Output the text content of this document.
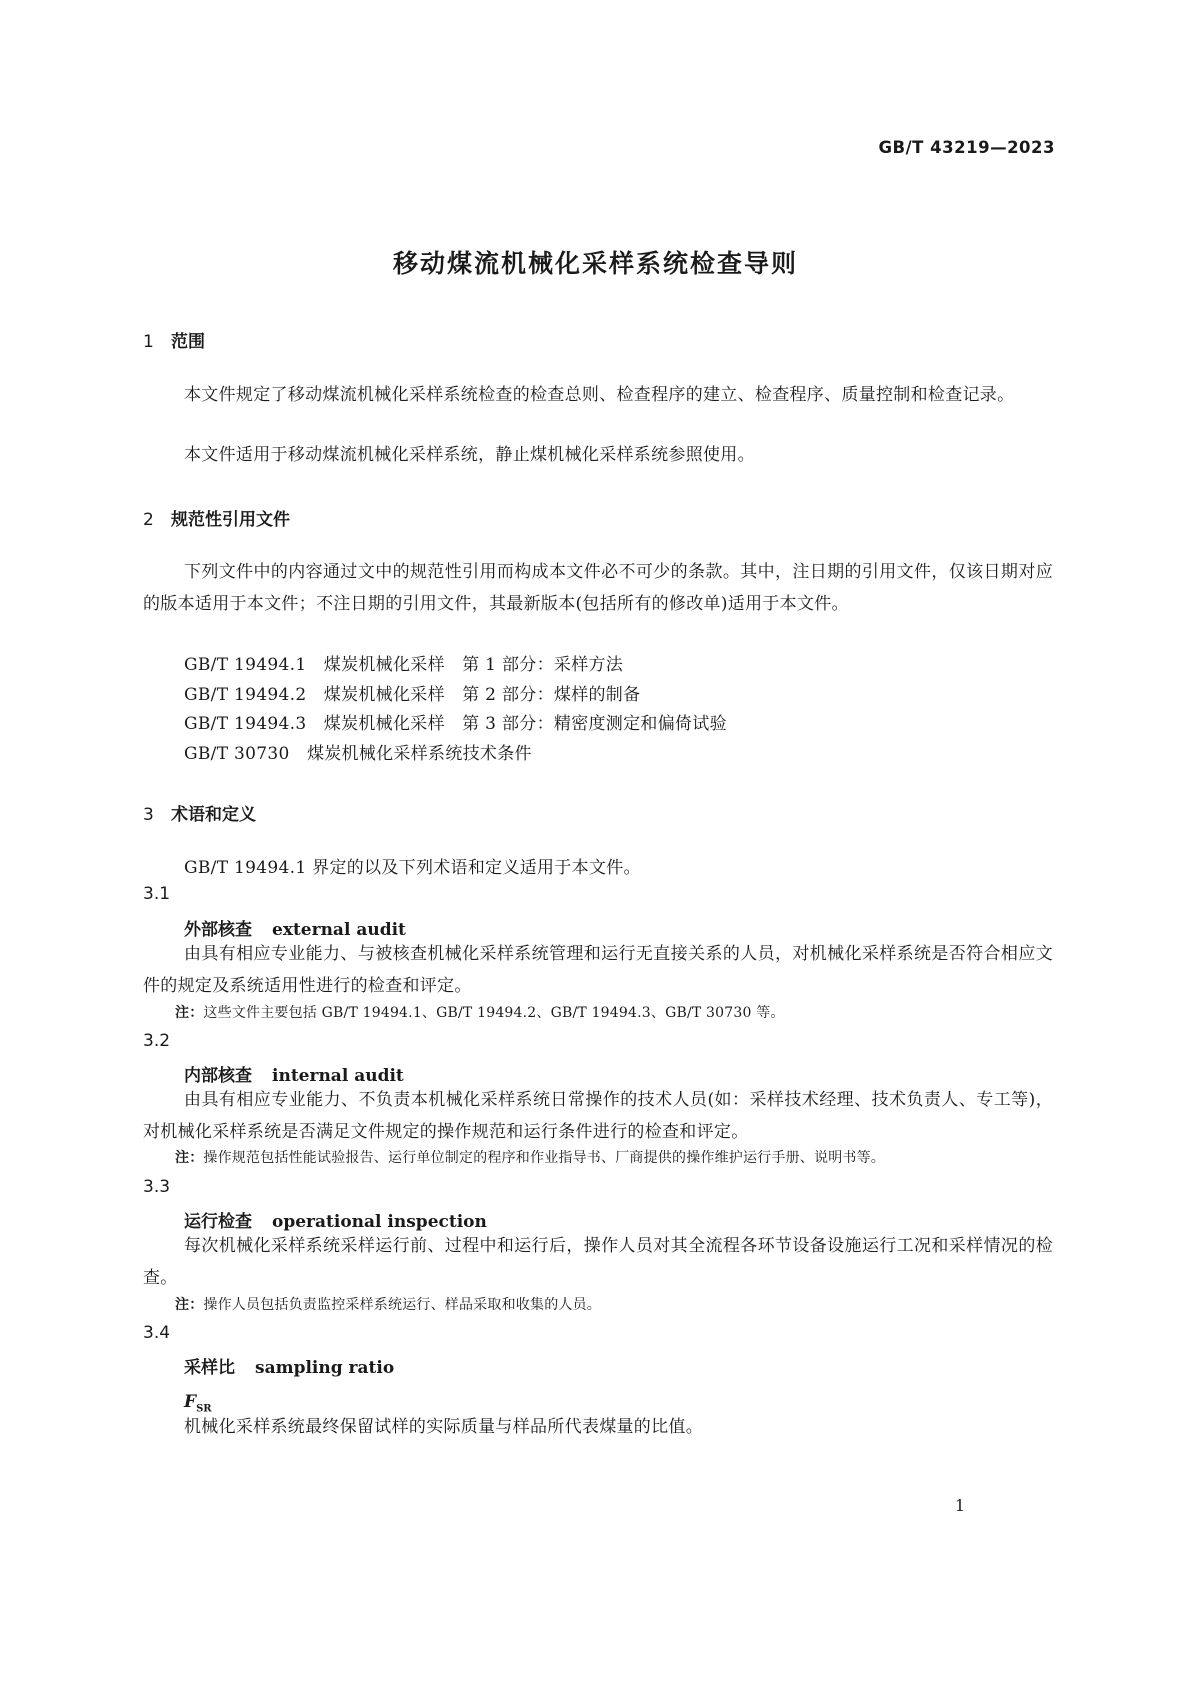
GB/T 43219—2023
移动煤流机械化采样系统检查导则
1 范围
本文件规定了移动煤流机械化采样系统检查的检查总则、检查程序的建立、检查程序、质量控制和检查记录。
本文件适用于移动煤流机械化采样系统，静止煤机械化采样系统参照使用。
2 规范性引用文件
下列文件中的内容通过文中的规范性引用而构成本文件必不可少的条款。其中，注日期的引用文件，仅该日期对应的版本适用于本文件；不注日期的引用文件，其最新版本(包括所有的修改单)适用于本文件。
GB/T 19494.1　 煤炭机械化采样　第 1 部分：采样方法
GB/T 19494.2　 煤炭机械化采样　第 2 部分：煤样的制备
GB/T 19494.3　 煤炭机械化采样　第 3 部分：精密度测定和偏倚试验
GB/T 30730　 煤炭机械化采样系统技术条件
3 术语和定义
GB/T 19494.1 界定的以及下列术语和定义适用于本文件。
3.1
外部核查 external audit
由具有相应专业能力、与被核查机械化采样系统管理和运行无直接关系的人员，对机械化采样系统是否符合相应文件的规定及系统适用性进行的检查和评定。
注：这些文件主要包括 GB/T 19494.1、GB/T 19494.2、GB/T 19494.3、GB/T 30730 等。
3.2
内部核查 internal audit
由具有相应专业能力、不负责本机械化采样系统日常操作的技术人员(如：采样技术经理、技术负责人、专工等)，对机械化采样系统是否满足文件规定的操作规范和运行条件进行的检查和评定。
注：操作规范包括性能试验报告、运行单位制定的程序和作业指导书、厂商提供的操作维护运行手册、说明书等。
3.3
运行检查 operational inspection
每次机械化采样系统采样运行前、过程中和运行后，操作人员对其全流程各环节设备设施运行工况和采样情况的检查。
注：操作人员包括负责监控采样系统运行、样品采取和收集的人员。
3.4
采样比 sampling ratio
$F_{SR}$
机械化采样系统最终保留试样的实际质量与样品所代表煤量的比值。
1
